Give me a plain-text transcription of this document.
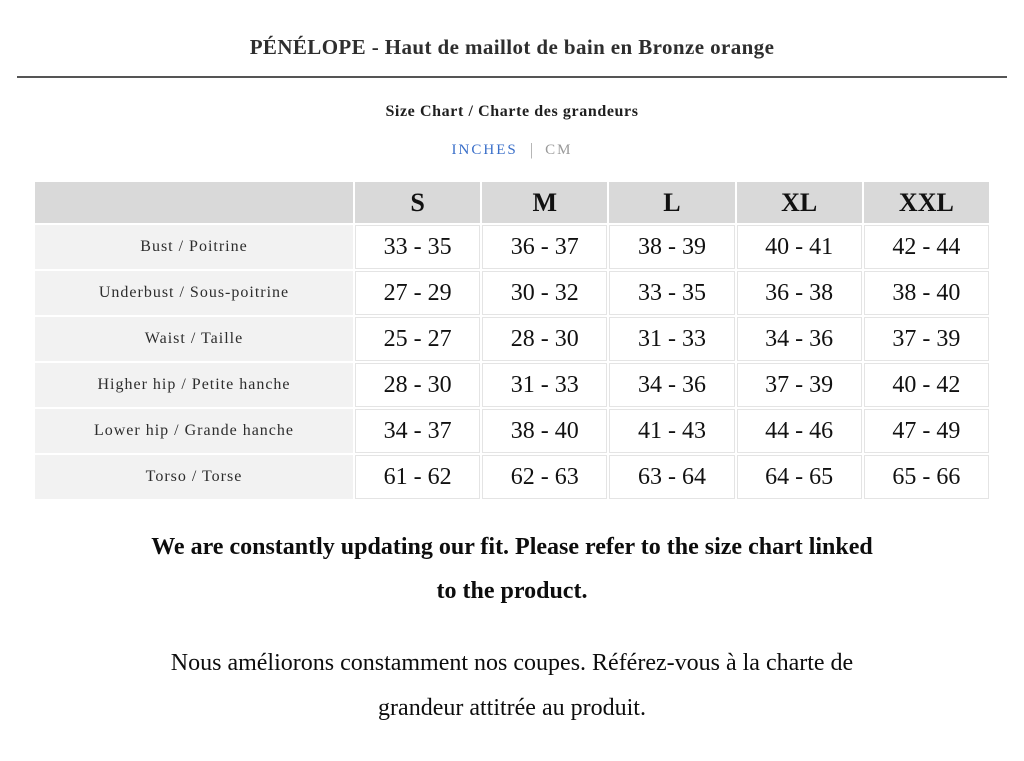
PÉNÉLOPE - Haut de maillot de bain en Bronze orange
Size Chart / Charte des grandeurs
INCHES | CM
	S	M	L	XL	XXL
Bust / Poitrine	33 - 35	36 - 37	38 - 39	40 - 41	42 - 44
Underbust / Sous-poitrine	27 - 29	30 - 32	33 - 35	36 - 38	38 - 40
Waist / Taille	25 - 27	28 - 30	31 - 33	34 - 36	37 - 39
Higher hip / Petite hanche	28 - 30	31 - 33	34 - 36	37 - 39	40 - 42
Lower hip / Grande hanche	34 - 37	38 - 40	41 - 43	44 - 46	47 - 49
Torso / Torse	61 - 62	62 - 63	63 - 64	64 - 65	65 - 66
We are constantly updating our fit. Please refer to the size chart linked
to the product.
Nous améliorons constamment nos coupes. Référez-vous à la charte de
grandeur attitrée au produit.
